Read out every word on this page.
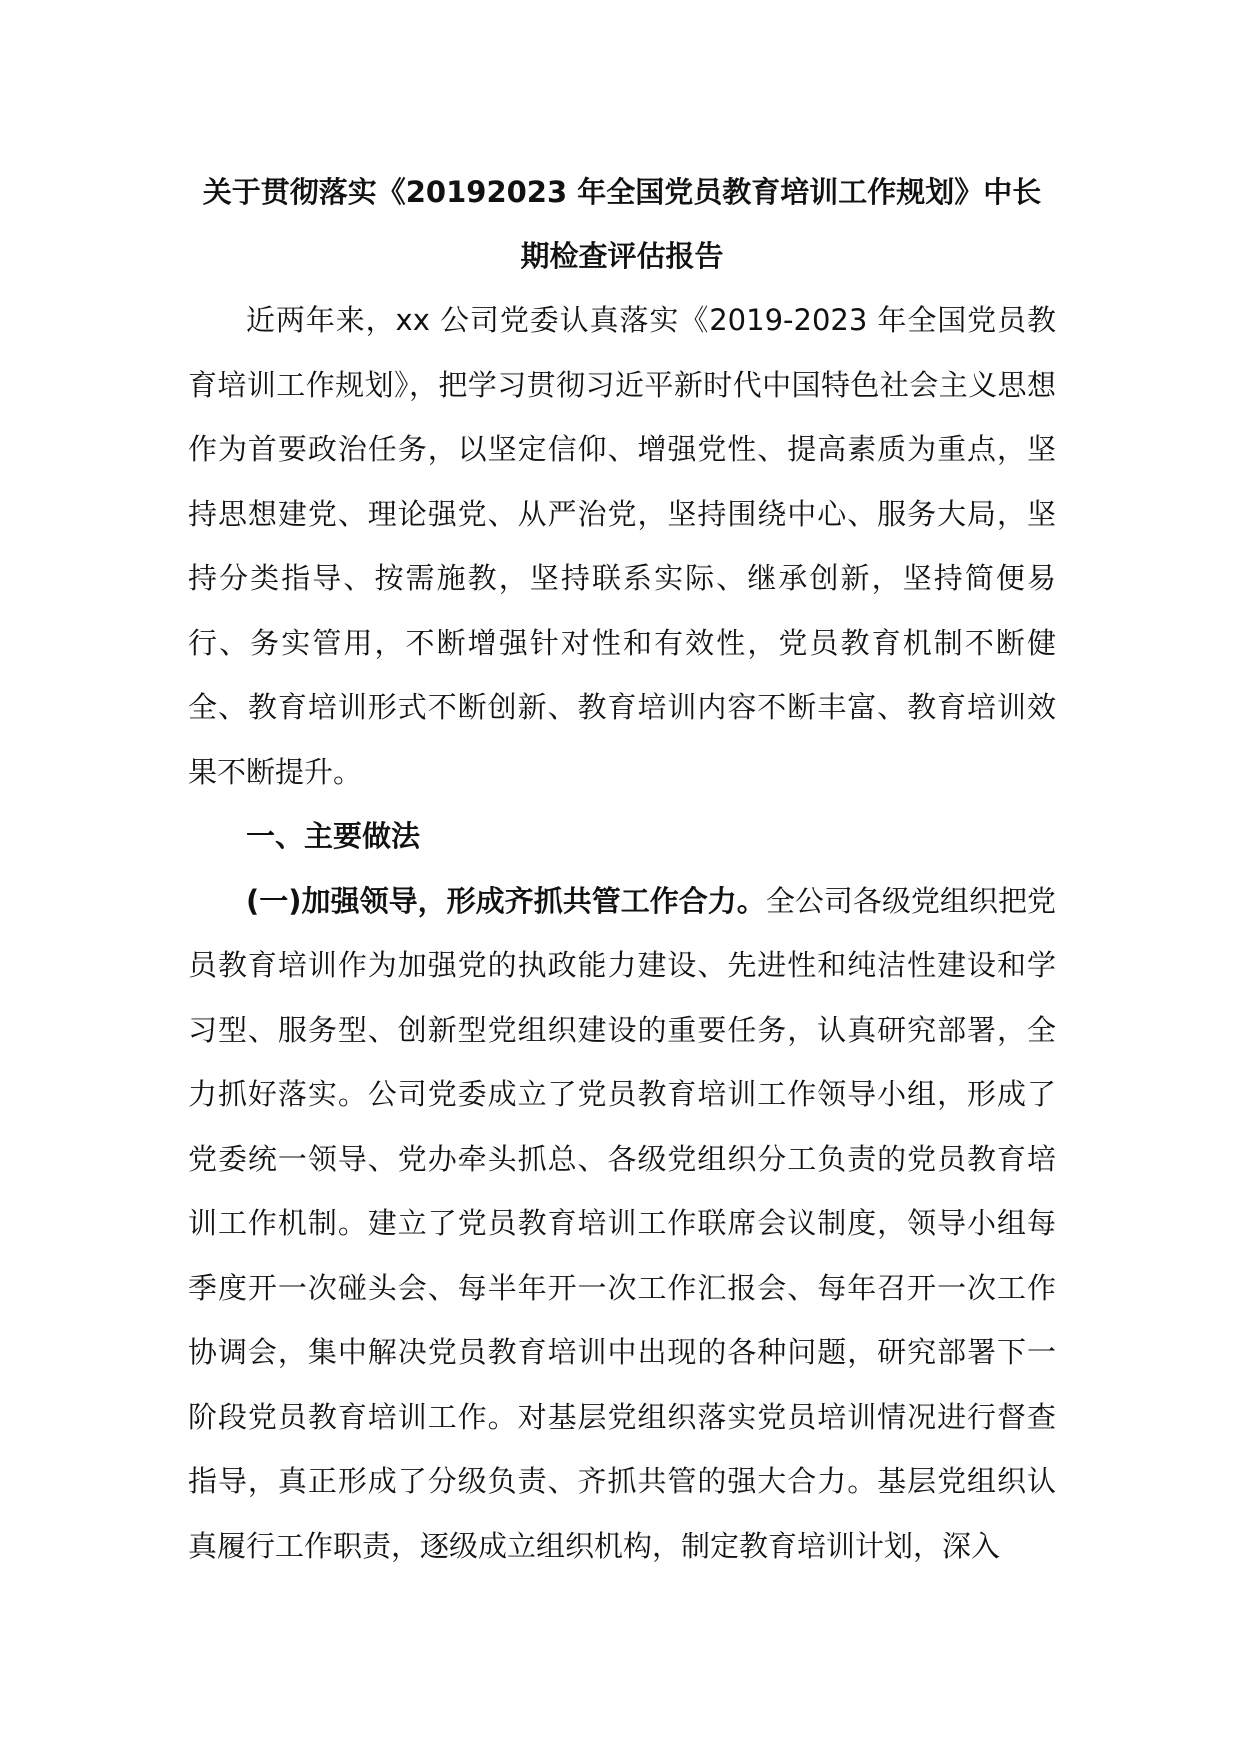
关于贯彻落实《20192023 年全国党员教育培训工作规划》中长
期检查评估报告

近两年来，xx 公司党委认真落实《2019-2023 年全国党员教育培训工作规划》，把学习贯彻习近平新时代中国特色社会主义思想作为首要政治任务，以坚定信仰、增强党性、提高素质为重点，坚持思想建党、理论强党、从严治党，坚持围绕中心、服务大局，坚持分类指导、按需施教，坚持联系实际、继承创新，坚持简便易行、务实管用，不断增强针对性和有效性，党员教育机制不断健全、教育培训形式不断创新、教育培训内容不断丰富、教育培训效果不断提升。

一、主要做法

(一)加强领导，形成齐抓共管工作合力。全公司各级党组织把党员教育培训作为加强党的执政能力建设、先进性和纯洁性建设和学习型、服务型、创新型党组织建设的重要任务，认真研究部署，全力抓好落实。公司党委成立了党员教育培训工作领导小组，形成了党委统一领导、党办牵头抓总、各级党组织分工负责的党员教育培训工作机制。建立了党员教育培训工作联席会议制度，领导小组每季度开一次碰头会、每半年开一次工作汇报会、每年召开一次工作协调会，集中解决党员教育培训中出现的各种问题，研究部署下一阶段党员教育培训工作。对基层党组织落实党员培训情况进行督查指导，真正形成了分级负责、齐抓共管的强大合力。基层党组织认真履行工作职责，逐级成立组织机构，制定教育培训计划，深入
